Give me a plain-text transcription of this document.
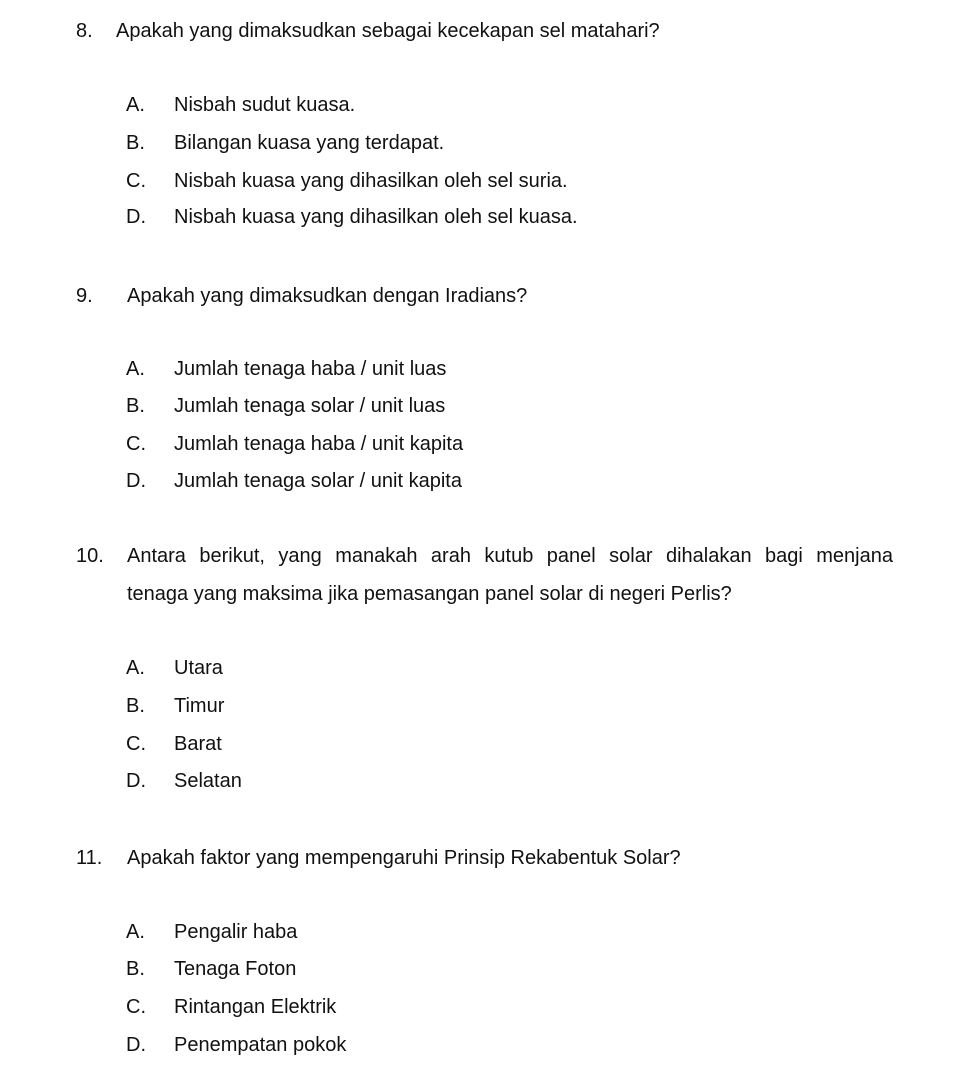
8. Apakah yang dimaksudkan sebagai kecekapan sel matahari?
A. Nisbah sudut kuasa.
B. Bilangan kuasa yang terdapat.
C. Nisbah kuasa yang dihasilkan oleh sel suria.
D. Nisbah kuasa yang dihasilkan oleh sel kuasa.
9. Apakah yang dimaksudkan dengan Iradians?
A. Jumlah tenaga haba / unit luas
B. Jumlah tenaga solar / unit luas
C. Jumlah tenaga haba / unit kapita
D. Jumlah tenaga solar / unit kapita
10. Antara berikut, yang manakah arah kutub panel solar dihalakan bagi menjana
tenaga yang maksima jika pemasangan panel solar di negeri Perlis?
A. Utara
B. Timur
C. Barat
D. Selatan
11. Apakah faktor yang mempengaruhi Prinsip Rekabentuk Solar?
A. Pengalir haba
B. Tenaga Foton
C. Rintangan Elektrik
D. Penempatan pokok
